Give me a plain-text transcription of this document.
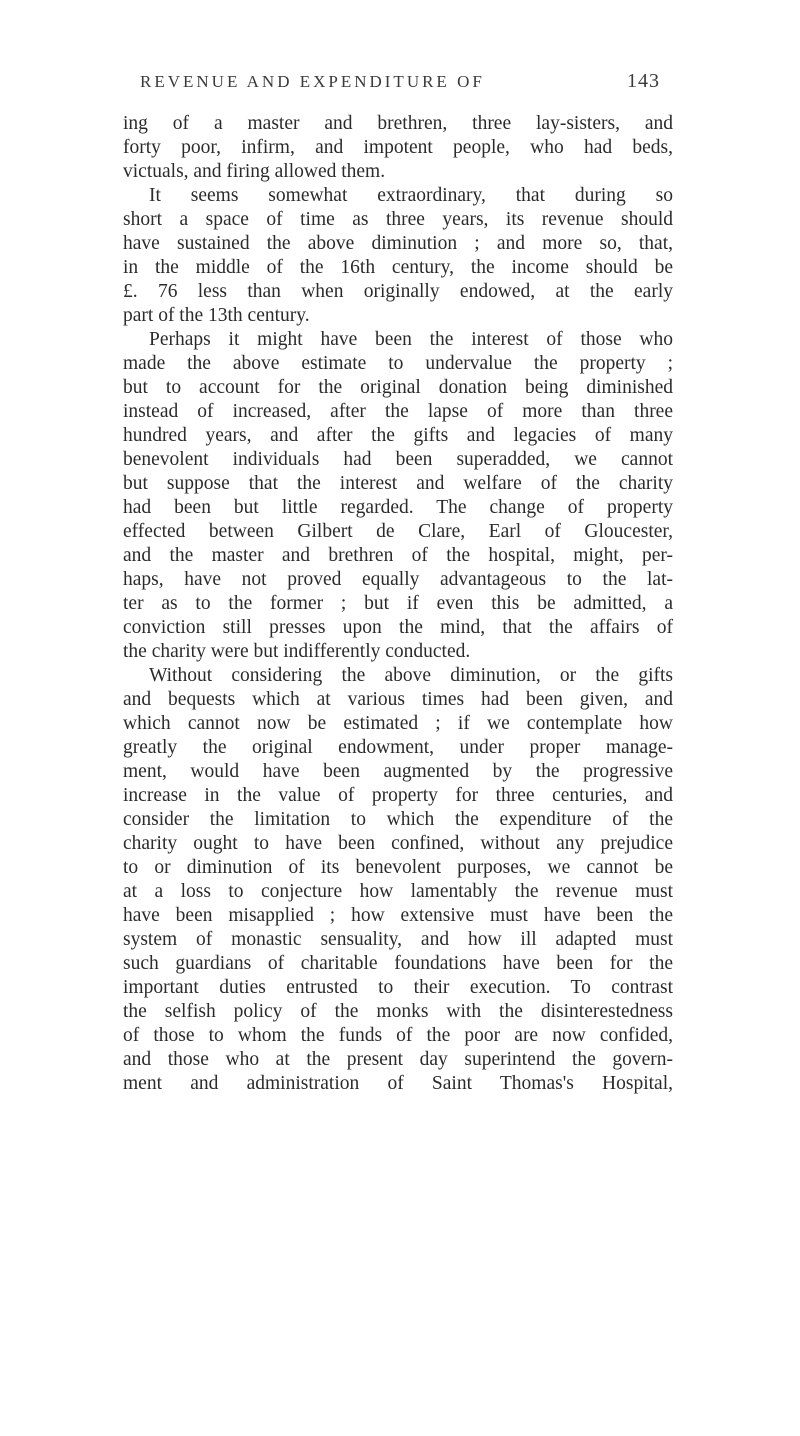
REVENUE AND EXPENDITURE OF	143
ing of a master and brethren, three lay-sisters, and
forty poor, infirm, and impotent people, who had beds,
victuals, and firing allowed them.
It seems somewhat extraordinary, that during so
short a space of time as three years, its revenue should
have sustained the above diminution ; and more so, that,
in the middle of the 16th century, the income should be
£. 76 less than when originally endowed, at the early
part of the 13th century.
Perhaps it might have been the interest of those who
made the above estimate to undervalue the property ;
but to account for the original donation being diminished
instead of increased, after the lapse of more than three
hundred years, and after the gifts and legacies of many
benevolent individuals had been superadded, we cannot
but suppose that the interest and welfare of the charity
had been but little regarded. The change of property
effected between Gilbert de Clare, Earl of Gloucester,
and the master and brethren of the hospital, might, per-
haps, have not proved equally advantageous to the lat-
ter as to the former ; but if even this be admitted, a
conviction still presses upon the mind, that the affairs of
the charity were but indifferently conducted.
Without considering the above diminution, or the gifts
and bequests which at various times had been given, and
which cannot now be estimated ; if we contemplate how
greatly the original endowment, under proper manage-
ment, would have been augmented by the progressive
increase in the value of property for three centuries, and
consider the limitation to which the expenditure of the
charity ought to have been confined, without any prejudice
to or diminution of its benevolent purposes, we cannot be
at a loss to conjecture how lamentably the revenue must
have been misapplied ; how extensive must have been the
system of monastic sensuality, and how ill adapted must
such guardians of charitable foundations have been for the
important duties entrusted to their execution. To contrast
the selfish policy of the monks with the disinterestedness
of those to whom the funds of the poor are now confided,
and those who at the present day superintend the govern-
ment and administration of Saint Thomas's Hospital,
